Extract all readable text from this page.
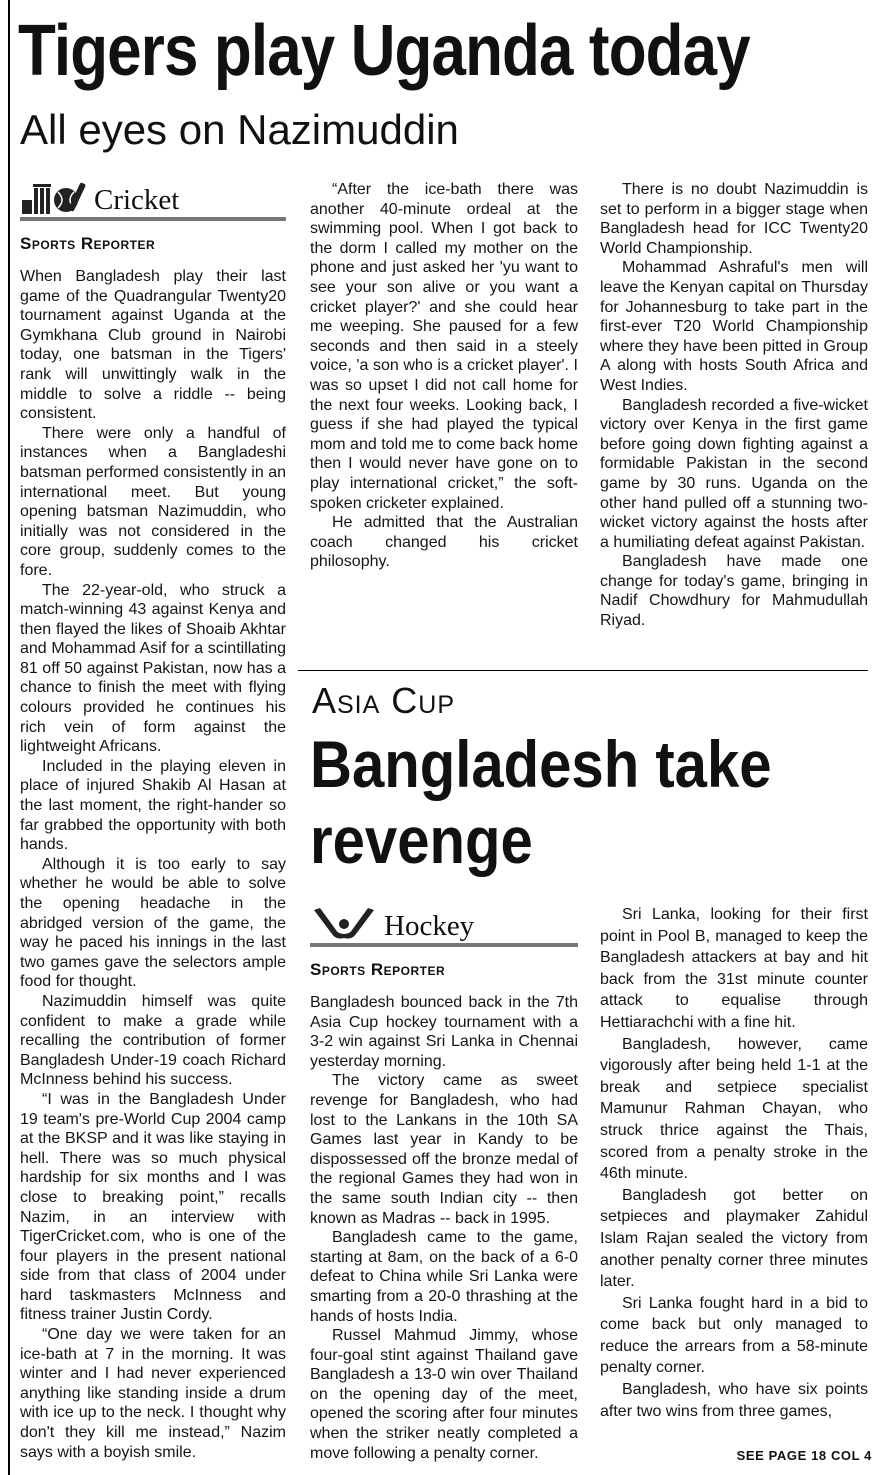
Tigers play Uganda today
All eyes on Nazimuddin
Cricket
Sports Reporter

When Bangladesh play their last game of the Quadrangular Twenty20 tournament against Uganda at the Gymkhana Club ground in Nairobi today, one batsman in the Tigers' rank will unwittingly walk in the middle to solve a riddle -- being consistent.

There were only a handful of instances when a Bangladeshi batsman performed consistently in an international meet. But young opening batsman Nazimuddin, who initially was not considered in the core group, suddenly comes to the fore.

The 22-year-old, who struck a match-winning 43 against Kenya and then flayed the likes of Shoaib Akhtar and Mohammad Asif for a scintillating 81 off 50 against Pakistan, now has a chance to finish the meet with flying colours provided he continues his rich vein of form against the lightweight Africans.

Included in the playing eleven in place of injured Shakib Al Hasan at the last moment, the right-hander so far grabbed the opportunity with both hands.

Although it is too early to say whether he would be able to solve the opening headache in the abridged version of the game, the way he paced his innings in the last two games gave the selectors ample food for thought.

Nazimuddin himself was quite confident to make a grade while recalling the contribution of former Bangladesh Under-19 coach Richard McInness behind his success.

“I was in the Bangladesh Under 19 team's pre-World Cup 2004 camp at the BKSP and it was like staying in hell. There was so much physical hardship for six months and I was close to breaking point,” recalls Nazim, in an interview with TigerCricket.com, who is one of the four players in the present national side from that class of 2004 under hard taskmasters McInness and fitness trainer Justin Cordy.

“One day we were taken for an ice-bath at 7 in the morning. It was winter and I had never experienced anything like standing inside a drum with ice up to the neck. I thought why don't they kill me instead,” Nazim says with a boyish smile.

“After the ice-bath there was another 40-minute ordeal at the swimming pool. When I got back to the dorm I called my mother on the phone and just asked her 'yu want to see your son alive or you want a cricket player?' and she could hear me weeping. She paused for a few seconds and then said in a steely voice, 'a son who is a cricket player'. I was so upset I did not call home for the next four weeks. Looking back, I guess if she had played the typical mom and told me to come back home then I would never have gone on to play international cricket,” the soft-spoken cricketer explained.

He admitted that the Australian coach changed his cricket philosophy.

There is no doubt Nazimuddin is set to perform in a bigger stage when Bangladesh head for ICC Twenty20 World Championship.

Mohammad Ashraful's men will leave the Kenyan capital on Thursday for Johannesburg to take part in the first-ever T20 World Championship where they have been pitted in Group A along with hosts South Africa and West Indies.

Bangladesh recorded a five-wicket victory over Kenya in the first game before going down fighting against a formidable Pakistan in the second game by 30 runs. Uganda on the other hand pulled off a stunning two-wicket victory against the hosts after a humiliating defeat against Pakistan.

Bangladesh have made one change for today's game, bringing in Nadif Chowdhury for Mahmudullah Riyad.

Asia Cup
Bangladesh take revenge
Hockey
Sports Reporter

Bangladesh bounced back in the 7th Asia Cup hockey tournament with a 3-2 win against Sri Lanka in Chennai yesterday morning.

The victory came as sweet revenge for Bangladesh, who had lost to the Lankans in the 10th SA Games last year in Kandy to be dispossessed off the bronze medal of the regional Games they had won in the same south Indian city -- then known as Madras -- back in 1995.

Bangladesh came to the game, starting at 8am, on the back of a 6-0 defeat to China while Sri Lanka were smarting from a 20-0 thrashing at the hands of hosts India.

Russel Mahmud Jimmy, whose four-goal stint against Thailand gave Bangladesh a 13-0 win over Thailand on the opening day of the meet, opened the scoring after four minutes when the striker neatly completed a move following a penalty corner.

Sri Lanka, looking for their first point in Pool B, managed to keep the Bangladesh attackers at bay and hit back from the 31st minute counter attack to equalise through Hettiarachchi with a fine hit.

Bangladesh, however, came vigorously after being held 1-1 at the break and setpiece specialist Mamunur Rahman Chayan, who struck thrice against the Thais, scored from a penalty stroke in the 46th minute.

Bangladesh got better on setpieces and playmaker Zahidul Islam Rajan sealed the victory from another penalty corner three minutes later.

Sri Lanka fought hard in a bid to come back but only managed to reduce the arrears from a 58-minute penalty corner.

Bangladesh, who have six points after two wins from three games,

SEE PAGE 18 COL 4
